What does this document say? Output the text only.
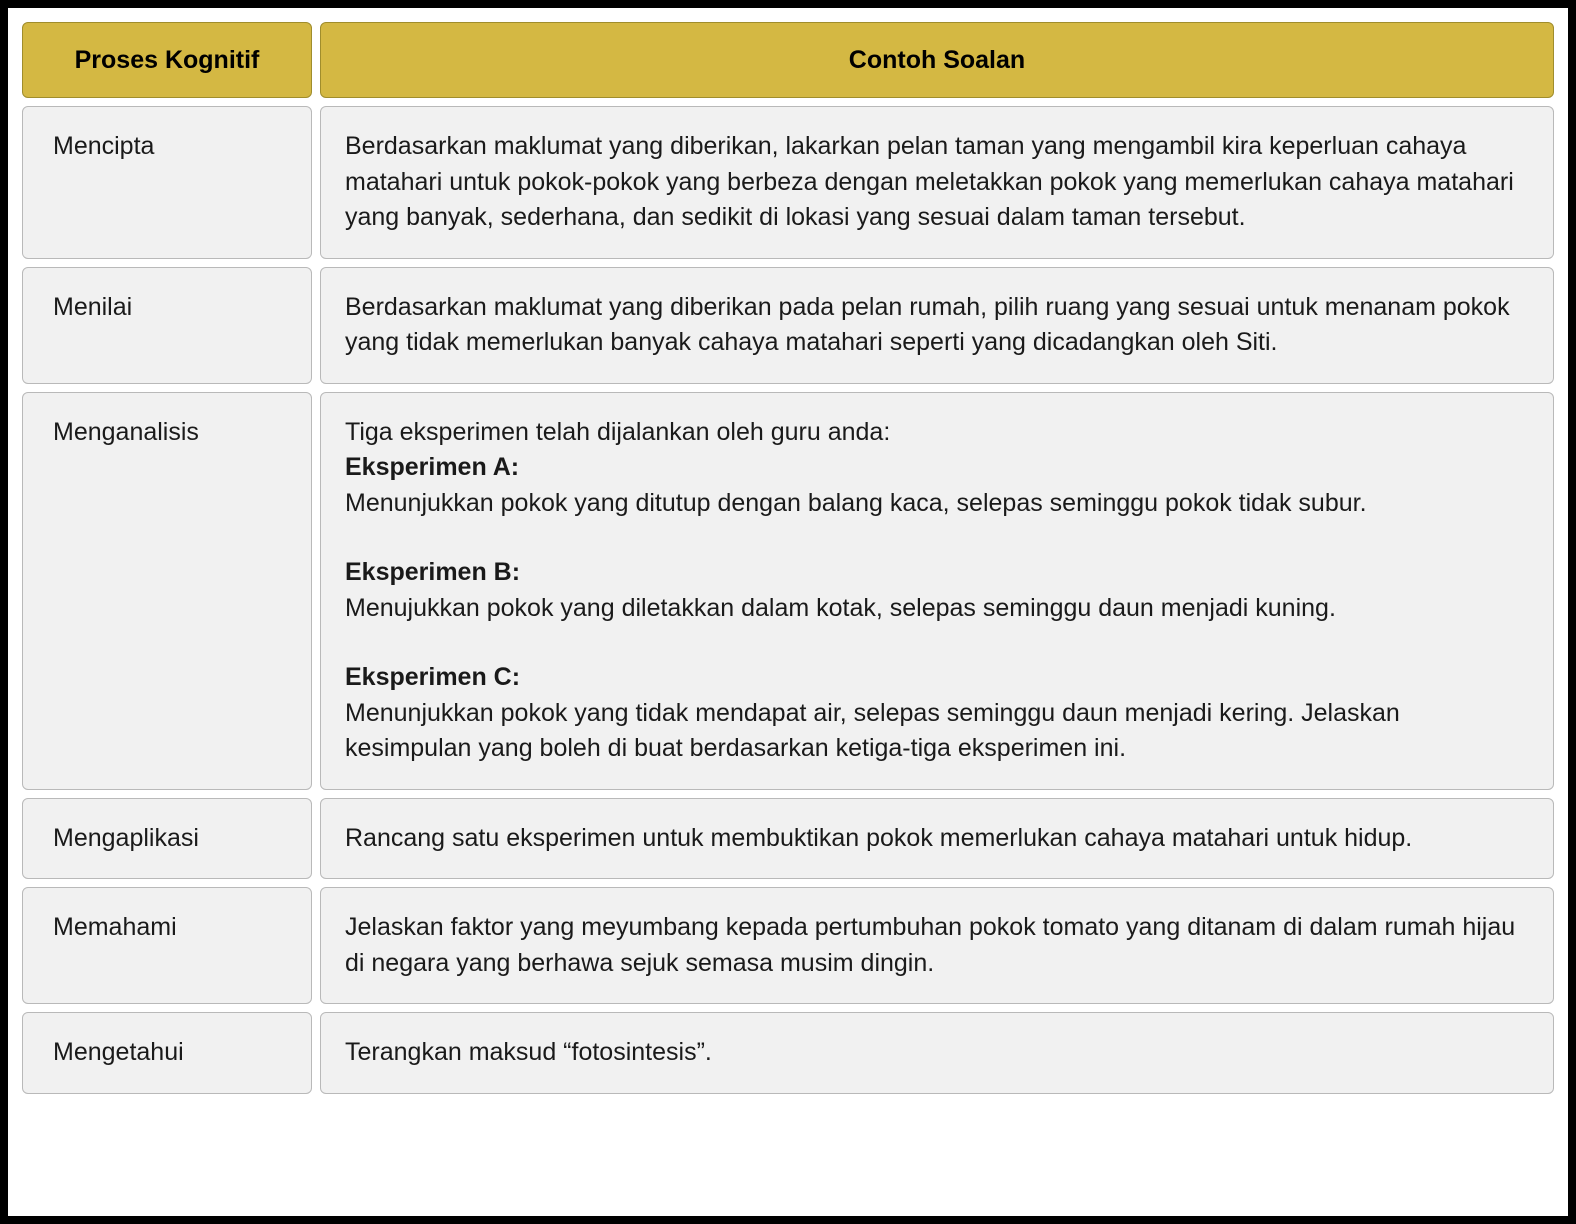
Proses Kognitif	Contoh Soalan
Mencipta	Berdasarkan maklumat yang diberikan, lakarkan pelan taman yang mengambil kira keperluan cahaya matahari untuk pokok-pokok yang berbeza dengan meletakkan pokok yang memerlukan cahaya matahari yang banyak, sederhana, dan sedikit di lokasi yang sesuai dalam taman tersebut.
Menilai	Berdasarkan maklumat yang diberikan pada pelan rumah, pilih ruang yang sesuai untuk menanam pokok yang tidak memerlukan banyak cahaya matahari seperti yang dicadangkan oleh Siti.
Menganalisis	Tiga eksperimen telah dijalankan oleh guru anda:

Eksperimen A:

Menunjukkan pokok yang ditutup dengan balang kaca, selepas seminggu pokok tidak subur.

Eksperimen B:

Menujukkan pokok yang diletakkan dalam kotak, selepas seminggu daun menjadi kuning.

Eksperimen C:

Menunjukkan pokok yang tidak mendapat air, selepas seminggu daun menjadi kering. Jelaskan kesimpulan yang boleh di buat berdasarkan ketiga-tiga eksperimen ini.

Mengaplikasi	Rancang satu eksperimen untuk membuktikan pokok memerlukan cahaya matahari untuk hidup.
Memahami	Jelaskan faktor yang meyumbang kepada pertumbuhan pokok tomato yang ditanam di dalam rumah hijau di negara yang berhawa sejuk semasa musim dingin.
Mengetahui	Terangkan maksud “fotosintesis”.
